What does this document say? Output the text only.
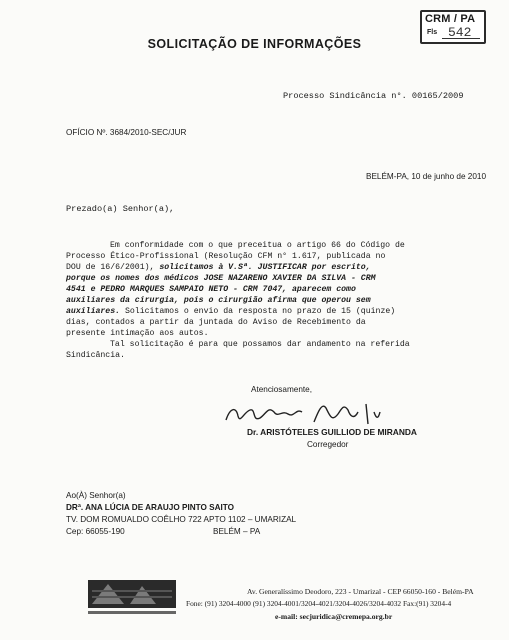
CRM / PA
Fls 542
SOLICITAÇÃO DE INFORMAÇÕES
Processo Sindicância n°. 00165/2009
OFÍCIO Nº. 3684/2010-SEC/JUR
BELÉM-PA, 10 de junho de 2010
Prezado(a) Senhor(a),
Em conformidade com o que preceitua o artigo 66 do Código de
Processo Ético-Profissional (Resolução CFM n° 1.617, publicada no
DOU de 16/6/2001), solicitamos à V.Sª. JUSTIFICAR por escrito,
porque os nomes dos médicos JOSE NAZARENO XAVIER DA SILVA - CRM
4541 e PEDRO MARQUES SAMPAIO NETO - CRM 7047, aparecem como
auxiliares da cirurgia, pois o cirurgião afirma que operou sem
auxiliares. Solicitamos o envio da resposta no prazo de 15 (quinze)
dias, contados a partir da juntada do Aviso de Recebimento da
presente intimação aos autos.
Tal solicitação é para que possamos dar andamento na referida
Sindicância.
Atenciosamente,
Dr. ARISTÓTELES GUILLIOD DE MIRANDA
Corregedor
Ao(À) Senhor(a)
DRª. ANA LÚCIA DE ARAUJO PINTO SAITO
TV. DOM ROMUALDO COÊLHO 722 APTO 1102 – UMARIZAL
Cep: 66055-190	BELÉM – PA
Av. Generalíssimo Deodoro, 223 - Umarizal - CEP 66050-160 - Belém-PA
Fone: (91) 3204-4000 (91) 3204-4001/3204-4021/3204-4026/3204-4032 Fax:(91) 3204-4
e-mail: secjuridica@cremepa.org.br
